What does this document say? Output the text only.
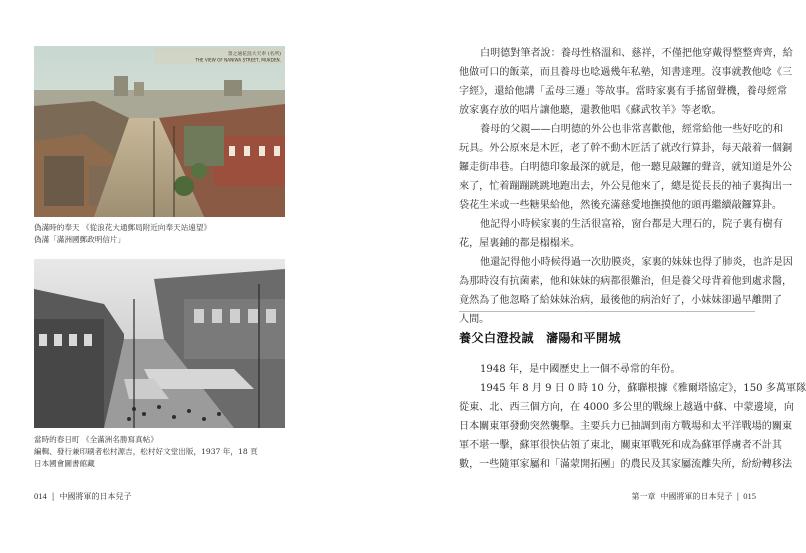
景之通花浪大天奉 (名所)
THE VIEW OF NANIWA STREET, MUKDEN.
偽滿時的奉天 《從浪花大通郵局附近向奉天站遠望》
偽滿「滿洲國郵政明信片」
當時的春日町 《全滿洲名勝寫真帖》
編輯、發行兼印刷者松村源吉，松村好文堂出版，1937 年，18 頁
日本國會圖書館藏
014 | 中國將軍的日本兒子

白明德對筆者說：養母性格溫和、慈祥，不僅把他穿戴得整整齊齊，給
他做可口的飯菜，而且養母也唸過幾年私塾，知書達理。沒事就教他唸《三
字經》，還給他講「孟母三遷」等故事。當時家裏有手搖留聲機，養母經常
放家裏存放的唱片讓他聽，還教他唱《蘇武牧羊》等老歌。

養母的父親——白明德的外公也非常喜歡他，經常給他一些好吃的和
玩具。外公原來是木匠，老了幹不動木匠活了就改行算卦，每天敲着一個銅
鑼走街串巷。白明德印象最深的就是，他一聽見敲鑼的聲音，就知道是外公
來了，忙着蹦蹦跳跳地跑出去，外公見他來了，總是從長長的袖子裏掏出一
袋花生米或一些糖果給他，然後充滿慈愛地撫摸他的頭再繼續敲鑼算卦。

他記得小時候家裏的生活很富裕，窗台都是大理石的，院子裏有樹有
花，屋裏鋪的都是榻榻米。

他還記得他小時候得過一次肋膜炎，家裏的妹妹也得了肺炎，也許是因
為那時沒有抗菌素，他和妹妹的病都很難治，但是養父母背着他到處求醫，
竟然為了他忽略了給妹妹治病，最後他的病治好了，小妹妹卻過早離開了
人間。

養父白澄投誠 瀋陽和平開城

1948 年，是中國歷史上一個不尋常的年份。

1945 年 8 月 9 日 0 時 10 分，蘇聯根據《雅爾塔協定》，150 多萬軍隊
從東、北、西三個方向，在 4000 多公里的戰線上越過中蘇、中蒙邊境，向
日本關東軍發動突然襲擊。主要兵力已抽調到南方戰場和太平洋戰場的關東
軍不堪一擊，蘇軍很快佔領了東北，關東軍戰死和成為蘇軍俘虜者不計其
數，一些隨軍家屬和「滿蒙開拓團」的農民及其家屬流離失所，紛紛轉移法

第一章 中國將軍的日本兒子 | 015
